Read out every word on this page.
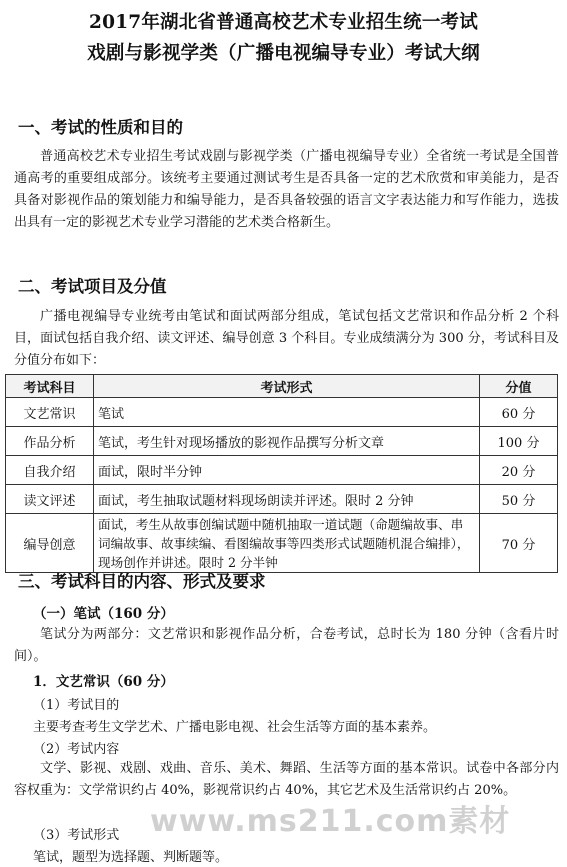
2017年湖北省普通高校艺术专业招生统一考试
戏剧与影视学类（广播电视编导专业）考试大纲
一、考试的性质和目的

普通高校艺术专业招生考试戏剧与影视学类（广播电视编导专业）全省统一考试是全国普通高考的重要组成部分。该统考主要通过测试考生是否具备一定的艺术欣赏和审美能力，是否具备对影视作品的策划能力和编导能力，是否具备较强的语言文字表达能力和写作能力，选拔出具有一定的影视艺术专业学习潜能的艺术类合格新生。

二、考试项目及分值

广播电视编导专业统考由笔试和面试两部分组成，笔试包括文艺常识和作品分析 2 个科目，面试包括自我介绍、读文评述、编导创意 3 个科目。专业成绩满分为 300 分，考试科目及分值分布如下：

考试科目	考试形式	分值
文艺常识	笔试	60 分
作品分析	笔试，考生针对现场播放的影视作品撰写分析文章	100 分
自我介绍	面试，限时半分钟	20 分
读文评述	面试，考生抽取试题材料现场朗读并评述。限时 2 分钟	50 分
编导创意	面试，考生从故事创编试题中随机抽取一道试题（命题编故事、串词编故事、故事续编、看图编故事等四类形式试题随机混合编排），现场创作并讲述。限时 2 分半钟	70 分
三、考试科目的内容、形式及要求
（一）笔试（160 分）

笔试分为两部分：文艺常识和影视作品分析，合卷考试，总时长为 180 分钟（含看片时间）。

1．文艺常识（60 分）
（1）考试目的
主要考查考生文学艺术、广播电影电视、社会生活等方面的基本素养。
（2）考试内容

文学、影视、戏剧、戏曲、音乐、美术、舞蹈、生活等方面的基本常识。试卷中各部分内容权重为：文学常识约占 40%，影视常识约占 40%，其它艺术及生活常识约占 20%。

（3）考试形式
笔试，题型为选择题、判断题等。
www.ms211.com素材
